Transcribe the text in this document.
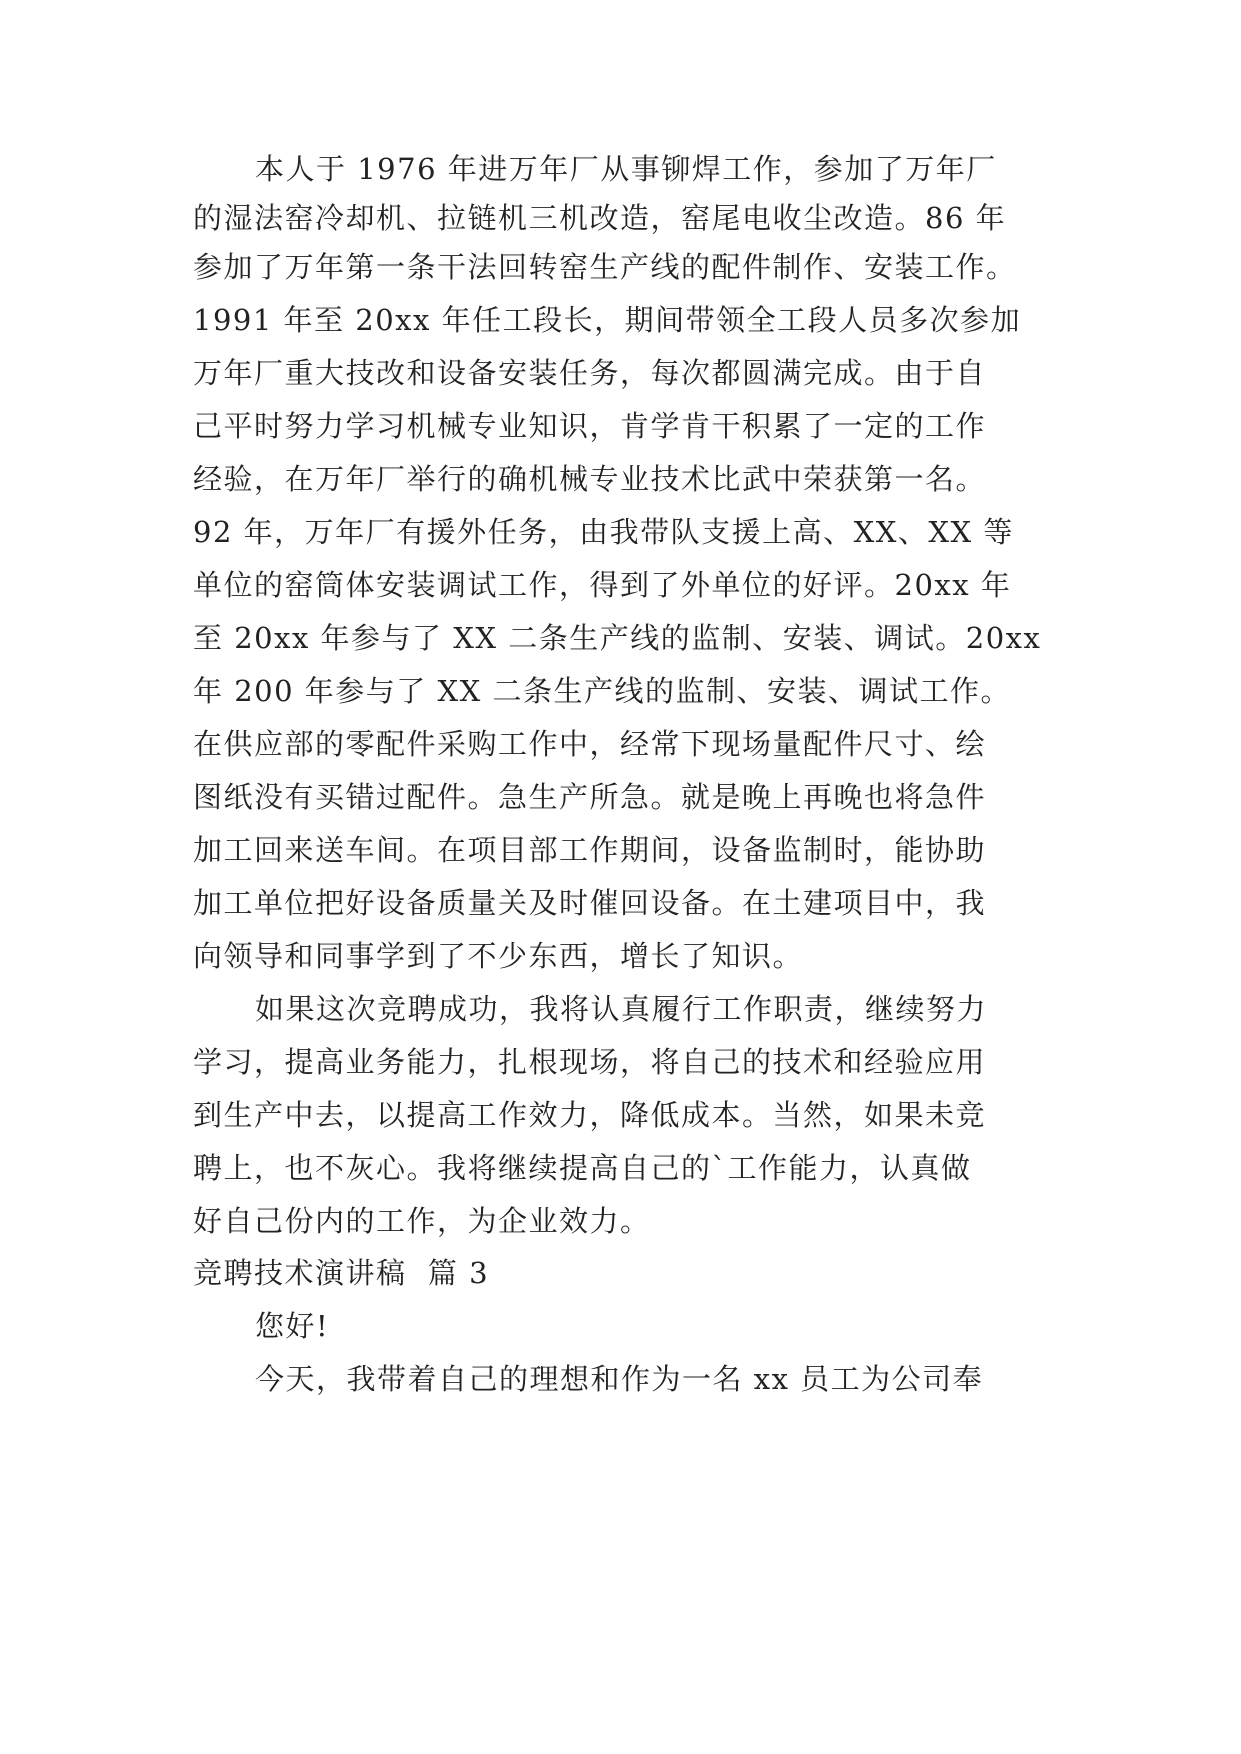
本人于 1976 年进万年厂从事铆焊工作，参加了万年厂
的湿法窑冷却机、拉链机三机改造，窑尾电收尘改造。86 年
参加了万年第一条干法回转窑生产线的配件制作、安装工作。
1991 年至 20xx 年任工段长，期间带领全工段人员多次参加
万年厂重大技改和设备安装任务，每次都圆满完成。由于自
己平时努力学习机械专业知识，肯学肯干积累了一定的工作
经验，在万年厂举行的确机械专业技术比武中荣获第一名。
92 年，万年厂有援外任务，由我带队支援上高、XX、XX 等
单位的窑筒体安装调试工作，得到了外单位的好评。20xx 年
至 20xx 年参与了 XX 二条生产线的监制、安装、调试。20xx
年 200 年参与了 XX 二条生产线的监制、安装、调试工作。
在供应部的零配件采购工作中，经常下现场量配件尺寸、绘
图纸没有买错过配件。急生产所急。就是晚上再晚也将急件
加工回来送车间。在项目部工作期间，设备监制时，能协助
加工单位把好设备质量关及时催回设备。在土建项目中，我
向领导和同事学到了不少东西，增长了知识。
如果这次竞聘成功，我将认真履行工作职责，继续努力
学习，提高业务能力，扎根现场，将自己的技术和经验应用
到生产中去，以提高工作效力，降低成本。当然，如果未竞
聘上，也不灰心。我将继续提高自己的`工作能力，认真做
好自己份内的工作，为企业效力。
竞聘技术演讲稿  篇 3
您好!
今天，我带着自己的理想和作为一名 xx 员工为公司奉
